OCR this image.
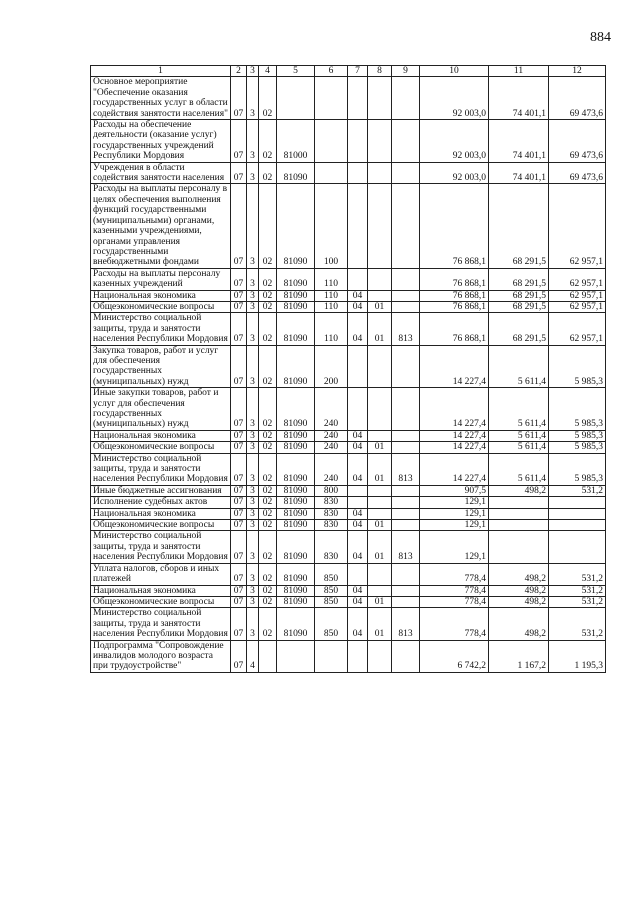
884
1	2	3	4	5	6	7	8	9	10	11	12
Основное мероприятие "Обеспечение оказания государственных услуг в области содействия занятости населения"	07	3	02						92 003,0	74 401,1	69 473,6
Расходы на обеспечение деятельности (оказание услуг) государственных учреждений Республики Мордовия	07	3	02	81000					92 003,0	74 401,1	69 473,6
Учреждения в области содействия занятости населения	07	3	02	81090					92 003,0	74 401,1	69 473,6
Расходы на выплаты персоналу в целях обеспечения выполнения функций государственными (муниципальными) органами, казенными учреждениями, органами управления государственными внебюджетными фондами	07	3	02	81090	100				76 868,1	68 291,5	62 957,1
Расходы на выплаты персоналу казенных учреждений	07	3	02	81090	110				76 868,1	68 291,5	62 957,1
Национальная экономика	07	3	02	81090	110	04			76 868,1	68 291,5	62 957,1
Общеэкономические вопросы	07	3	02	81090	110	04	01		76 868,1	68 291,5	62 957,1
Министерство социальной защиты, труда и занятости населения Республики Мордовия	07	3	02	81090	110	04	01	813	76 868,1	68 291,5	62 957,1
Закупка товаров, работ и услуг для обеспечения государственных (муниципальных) нужд	07	3	02	81090	200				14 227,4	5 611,4	5 985,3
Иные закупки товаров, работ и услуг для обеспечения государственных (муниципальных) нужд	07	3	02	81090	240				14 227,4	5 611,4	5 985,3
Национальная экономика	07	3	02	81090	240	04			14 227,4	5 611,4	5 985,3
Общеэкономические вопросы	07	3	02	81090	240	04	01		14 227,4	5 611,4	5 985,3
Министерство социальной защиты, труда и занятости населения Республики Мордовия	07	3	02	81090	240	04	01	813	14 227,4	5 611,4	5 985,3
Иные бюджетные ассигнования	07	3	02	81090	800				907,5	498,2	531,2
Исполнение судебных актов	07	3	02	81090	830				129,1		
Национальная экономика	07	3	02	81090	830	04			129,1		
Общеэкономические вопросы	07	3	02	81090	830	04	01		129,1		
Министерство социальной защиты, труда и занятости населения Республики Мордовия	07	3	02	81090	830	04	01	813	129,1		
Уплата налогов, сборов и иных платежей	07	3	02	81090	850				778,4	498,2	531,2
Национальная экономика	07	3	02	81090	850	04			778,4	498,2	531,2
Общеэкономические вопросы	07	3	02	81090	850	04	01		778,4	498,2	531,2
Министерство социальной защиты, труда и занятости населения Республики Мордовия	07	3	02	81090	850	04	01	813	778,4	498,2	531,2
Подпрограмма "Сопровождение инвалидов молодого возраста при трудоустройстве"	07	4							6 742,2	1 167,2	1 195,3
